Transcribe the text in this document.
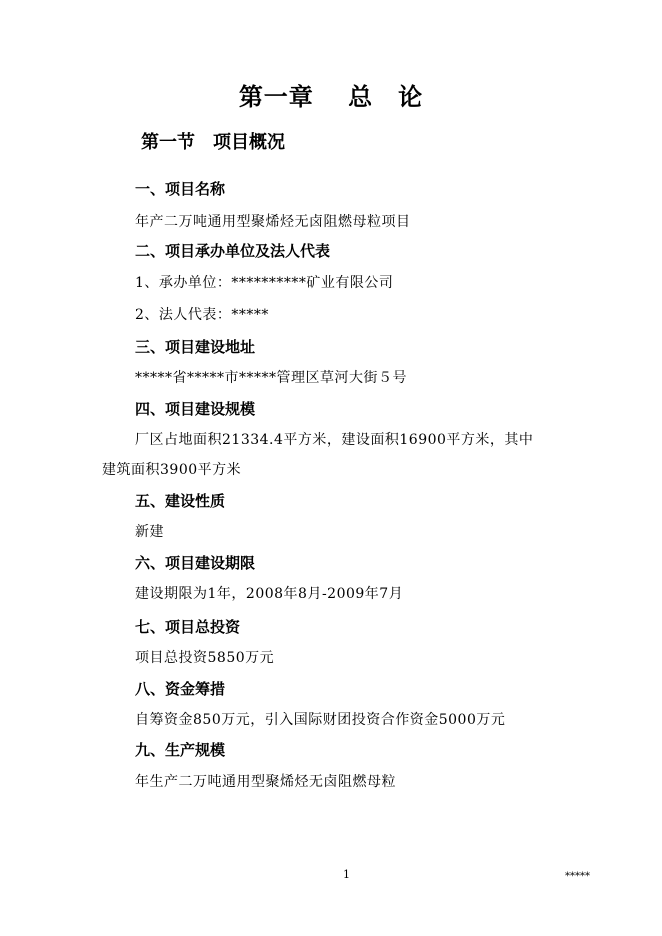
第一章　 总　论
第一节　项目概况
一、项目名称
年产二万吨通用型聚烯烃无卤阻燃母粒项目
二、项目承办单位及法人代表
1、承办单位：**********矿业有限公司
2、法人代表：*****
三、项目建设地址
*****省*****市*****管理区草河大街５号
四、项目建设规模
厂区占地面积21334.4平方米，建设面积16900平方米，其中
建筑面积3900平方米
五、建设性质
新建
六、项目建设期限
建设期限为1年，2008年8月-2009年7月
七、项目总投资
项目总投资5850万元
八、资金筹措
自筹资金850万元，引入国际财团投资合作资金5000万元
九、生产规模
年生产二万吨通用型聚烯烃无卤阻燃母粒
1	*****
